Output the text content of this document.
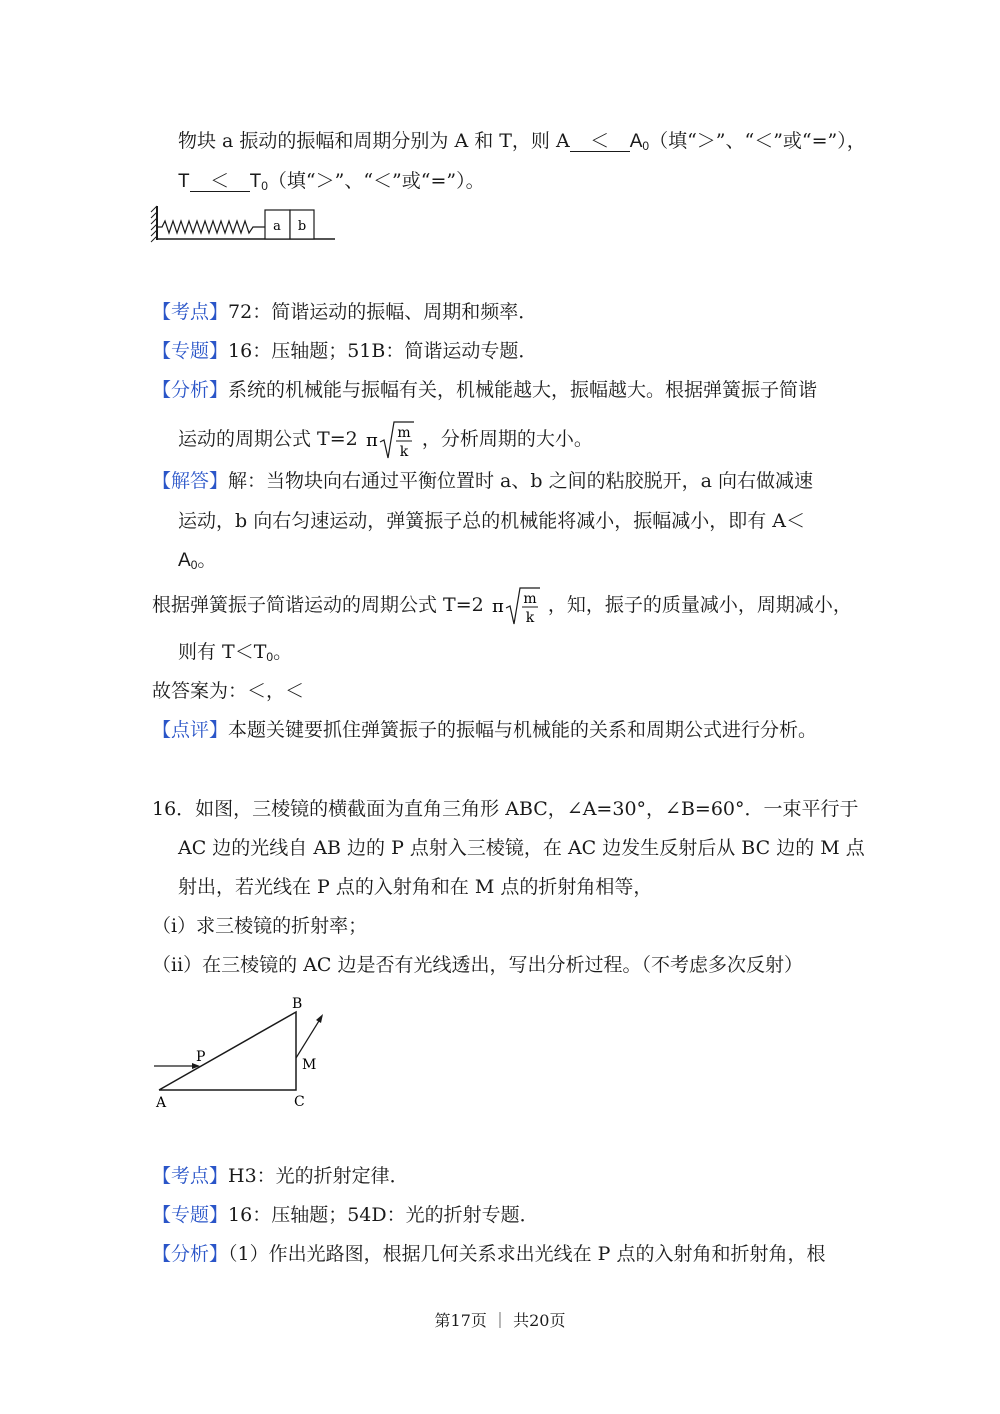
物块 a 振动的振幅和周期分别为 A 和 T，则 $A < A_0$（填“＞”、“＜”或“=”），
$T < T_0$（填“＞”、“＜”或“=”）。
a b
【考点】72：简谐运动的振幅、周期和频率．
【专题】16：压轴题；51B：简谐运动专题．
【分析】系统的机械能与振幅有关，机械能越大，振幅越大。根据弹簧振子简谐
运动的周期公式 T=2 π m
k
，分析周期的大小。
【解答】解：当物块向右通过平衡位置时 a、b 之间的粘胶脱开，a 向右做减速
运动，b 向右匀速运动，弹簧振子总的机械能将减小，振幅减小，即有 A＜
$A_0$。
根据弹簧振子简谐运动的周期公式 T=2 π m
k
，知，振子的质量减小，周期减小，
则有 $T<T_0$。
故答案为：＜，＜
【点评】本题关键要抓住弹簧振子的振幅与机械能的关系和周期公式进行分析。
16．如图，三棱镜的横截面为直角三角形 ABC，∠A=30°，∠B=60°．一束平行于
AC 边的光线自 AB 边的 P 点射入三棱镜，在 AC 边发生反射后从 BC 边的 M 点
射出，若光线在 P 点的入射角和在 M 点的折射角相等，
（i）求三棱镜的折射率；
（ii）在三棱镜的 AC 边是否有光线透出，写出分析过程。（不考虑多次反射）
A
B
C
P	M
【考点】H3：光的折射定律．
【专题】16：压轴题；54D：光的折射专题．
【分析】（1）作出光路图，根据几何关系求出光线在 P 点的入射角和折射角，根
第17页 ｜ 共20页
